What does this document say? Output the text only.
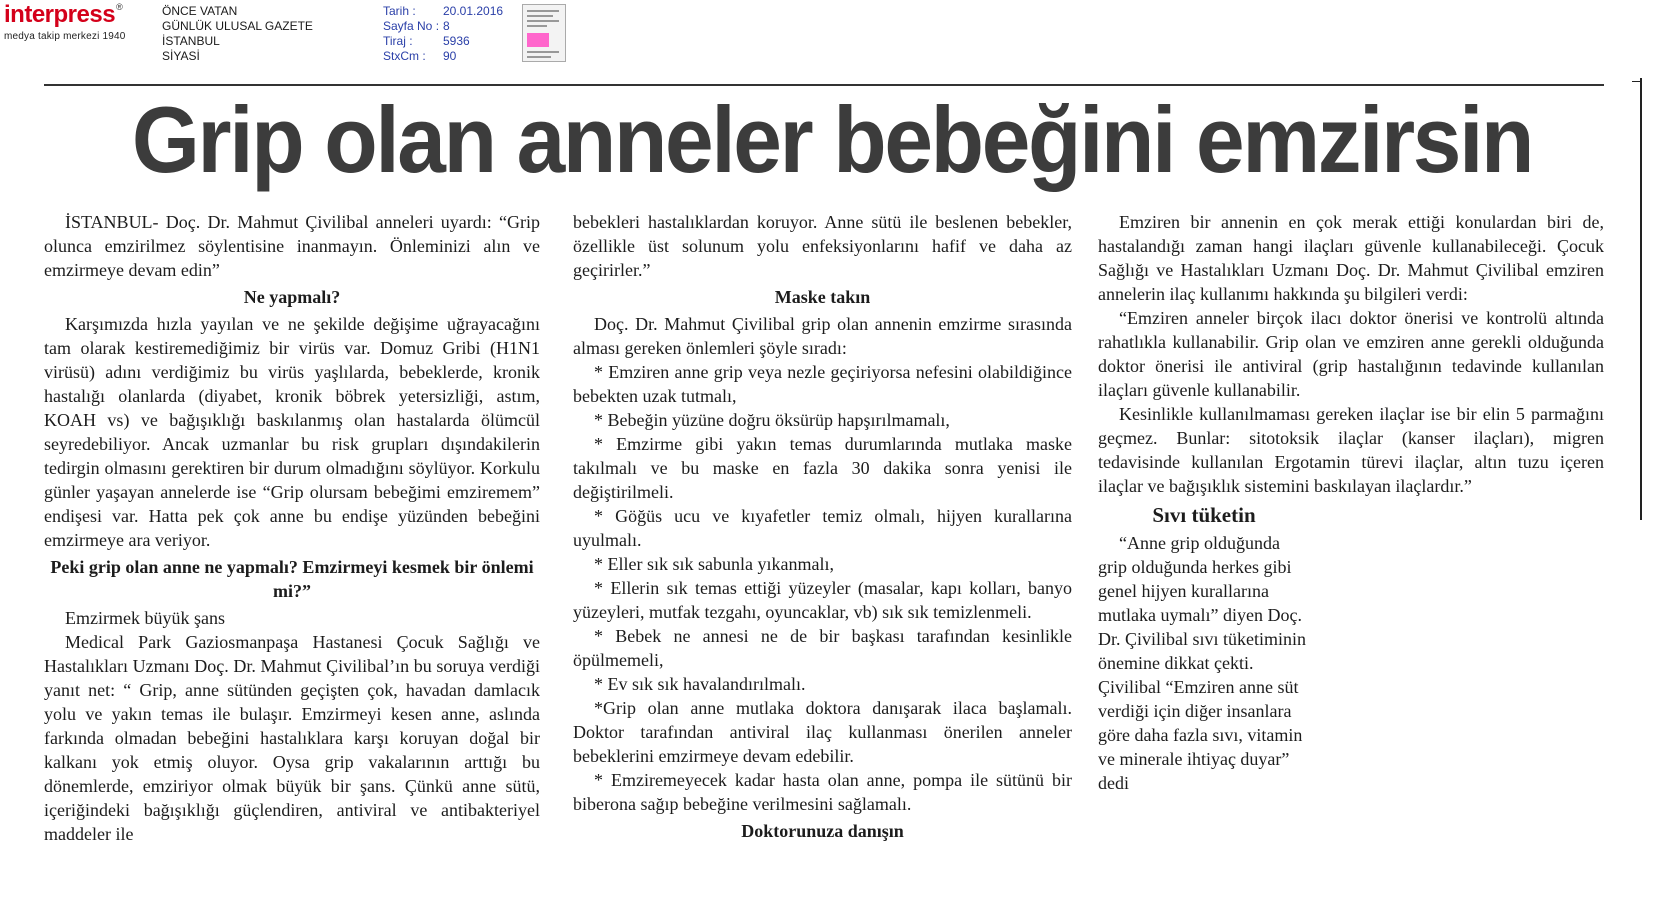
interpress®
medya takip merkezi 1940
ÖNCE VATAN
GÜNLÜK ULUSAL GAZETE
İSTANBUL
SİYASİ
Tarih :	20.01.2016
Sayfa No : 8
Tiraj :	5936
StxCm :	90
Grip olan anneler bebeğini emzirsin

İSTANBUL- Doç. Dr. Mahmut Çivilibal anneleri uyardı: “Grip olunca emzirilmez söylentisine inanmayın. Önleminizi alın ve emzirmeye devam edin”

Ne yapmalı?

Karşımızda hızla yayılan ve ne şekilde değişime uğrayacağını tam olarak kestiremediğimiz bir virüs var. Domuz Gribi (H1N1 virüsü) adını verdiğimiz bu virüs yaşlılarda, bebeklerde, kronik hastalığı olanlarda (diyabet, kronik böbrek yetersizliği, astım, KOAH vs) ve bağışıklığı baskılanmış olan hastalarda ölümcül seyredebiliyor. Ancak uzmanlar bu risk grupları dışındakilerin tedirgin olmasını gerektiren bir durum olmadığını söylüyor. Korkulu günler yaşayan annelerde ise “Grip olursam bebeğimi emziremem” endişesi var. Hatta pek çok anne bu endişe yüzünden bebeğini emzirmeye ara veriyor.

Peki grip olan anne ne yapmalı? Emzirmeyi kesmek bir önlemi mi?”

Emzirmek büyük şans

Medical Park Gaziosmanpaşa Hastanesi Çocuk Sağlığı ve Hastalıkları Uzmanı Doç. Dr. Mahmut Çivilibal’ın bu soruya verdiği yanıt net: “ Grip, anne sütünden geçişten çok, havadan damlacık yolu ve yakın temas ile bulaşır. Emzirmeyi kesen anne, aslında farkında olmadan bebeğini hastalıklara karşı koruyan doğal bir kalkanı yok etmiş oluyor. Oysa grip vakalarının arttığı bu dönemlerde, emziriyor olmak büyük bir şans. Çünkü anne sütü, içeriğindeki bağışıklığı güçlendiren, antiviral ve antibakteriyel maddeler ile

bebekleri hastalıklardan koruyor. Anne sütü ile beslenen bebekler, özellikle üst solunum yolu enfeksiyonlarını hafif ve daha az geçirirler.”

Maske takın

Doç. Dr. Mahmut Çivilibal grip olan annenin emzirme sırasında alması gereken önlemleri şöyle sıradı:

* Emziren anne grip veya nezle geçiriyorsa nefesini olabildiğince bebekten uzak tutmalı,

* Bebeğin yüzüne doğru öksürüp hapşırılmamalı,

* Emzirme gibi yakın temas durumlarında mutlaka maske takılmalı ve bu maske en fazla 30 dakika sonra yenisi ile değiştirilmeli.

* Göğüs ucu ve kıyafetler temiz olmalı, hijyen kurallarına uyulmalı.

* Eller sık sık sabunla yıkanmalı,

* Ellerin sık temas ettiği yüzeyler (masalar, kapı kolları, banyo yüzeyleri, mutfak tezgahı, oyuncaklar, vb) sık sık temizlenmeli.

* Bebek ne annesi ne de bir başkası tarafından kesinlikle öpülmemeli,

* Ev sık sık havalandırılmalı.

*Grip olan anne mutlaka doktora danışarak ilaca başlamalı. Doktor tarafından antiviral ilaç kullanması önerilen anneler bebeklerini emzirmeye devam edebilir.

* Emziremeyecek kadar hasta olan anne, pompa ile sütünü bir biberona sağıp bebeğine verilmesini sağlamalı.

Doktorunuza danışın

Emziren bir annenin en çok merak ettiği konulardan biri de, hastalandığı zaman hangi ilaçları güvenle kullanabileceği. Çocuk Sağlığı ve Hastalıkları Uzmanı Doç. Dr. Mahmut Çivilibal emziren annelerin ilaç kullanımı hakkında şu bilgileri verdi:

“Emziren anneler birçok ilacı doktor önerisi ve kontrolü altında rahatlıkla kullanabilir. Grip olan ve emziren anne gerekli olduğunda doktor önerisi ile antiviral (grip hastalığının tedavinde kullanılan ilaçları güvenle kullanabilir.

Kesinlikle kullanılmaması gereken ilaçlar ise bir elin 5 parmağını geçmez. Bunlar: sitotoksik ilaçlar (kanser ilaçları), migren tedavisinde kullanılan Ergotamin türevi ilaçlar, altın tuzu içeren ilaçlar ve bağışıklık sistemini baskılayan ilaçlardır.”

Sıvı tüketin

“Anne grip olduğunda grip olduğunda herkes gibi genel hijyen kurallarına mutlaka uymalı” diyen Doç. Dr. Çivilibal sıvı tüketiminin önemine dikkat çekti. Çivilibal “Emziren anne süt verdiği için diğer insanlara göre daha fazla sıvı, vitamin ve minerale ihtiyaç duyar” dedi
